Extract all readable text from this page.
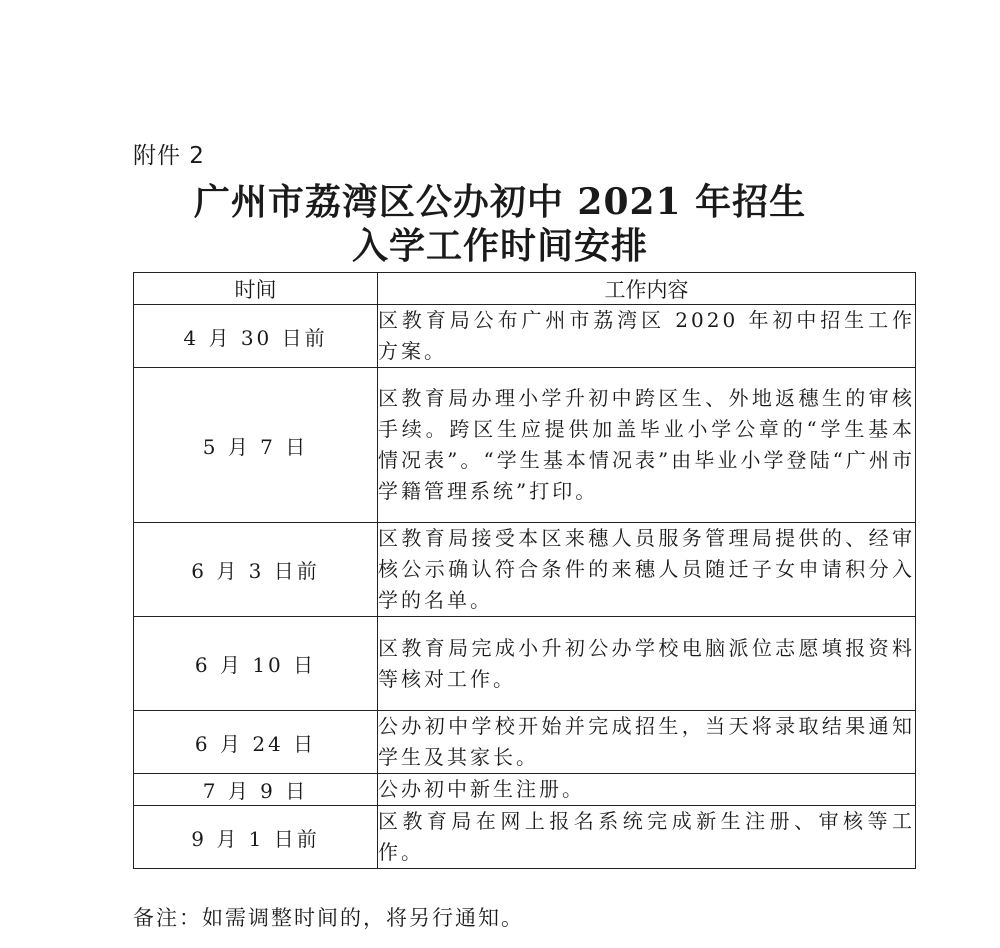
附件 2
广州市荔湾区公办初中 2021 年招生
入学工作时间安排
时间	工作内容
4 月 30 日前	区教育局公布广州市荔湾区 2020 年初中招生工作方案。
5 月 7 日	区教育局办理小学升初中跨区生、外地返穗生的审核手续。跨区生应提供加盖毕业小学公章的“学生基本情况表”。“学生基本情况表”由毕业小学登陆“广州市学籍管理系统”打印。
6 月 3 日前	区教育局接受本区来穗人员服务管理局提供的、经审核公示确认符合条件的来穗人员随迁子女申请积分入学的名单。
6 月 10 日	区教育局完成小升初公办学校电脑派位志愿填报资料等核对工作。
6 月 24 日	公办初中学校开始并完成招生，当天将录取结果通知学生及其家长。
7 月 9 日	公办初中新生注册。
9 月 1 日前	区教育局在网上报名系统完成新生注册、审核等工作。
备注：如需调整时间的，将另行通知。
